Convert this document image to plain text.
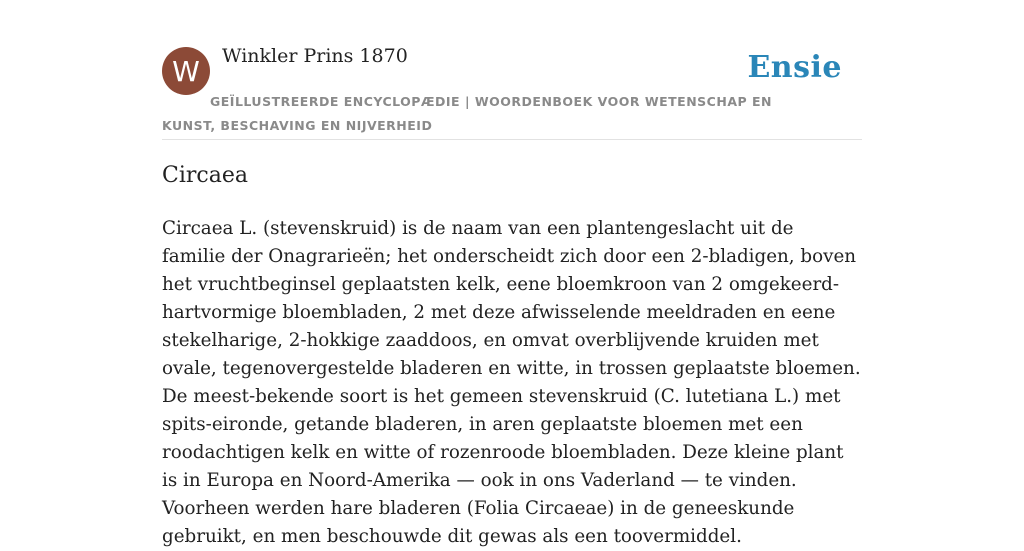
W Winkler Prins 1870	Ensie
GEÏLLUSTREERDE ENCYCLOPÆDIE | WOORDENBOEK VOOR WETENSCHAP EN KUNST, BESCHAVING EN NIJVERHEID
Circaea

Circaea L. (stevenskruid) is de naam van een plantengeslacht uit de familie der Onagrarieën; het onderscheidt zich door een 2-bladigen, boven het vruchtbeginsel geplaatsten kelk, eene bloemkroon van 2 omgekeerd-hartvormige bloembladen, 2 met deze afwisselende meeldraden en eene stekelharige, 2-hokkige zaaddoos, en omvat overblijvende kruiden met ovale, tegenovergestelde bladeren en witte, in trossen geplaatste bloemen. De meest-bekende soort is het gemeen stevenskruid (C. lutetiana L.) met spits-eironde, getande bladeren, in aren geplaatste bloemen met een roodachtigen kelk en witte of rozenroode bloembladen. Deze kleine plant is in Europa en Noord-Amerika — ook in ons Vaderland — te vinden. Voorheen werden hare bladeren (Folia Circaeae) in de geneeskunde gebruikt, en men beschouwde dit gewas als een toovermiddel.
